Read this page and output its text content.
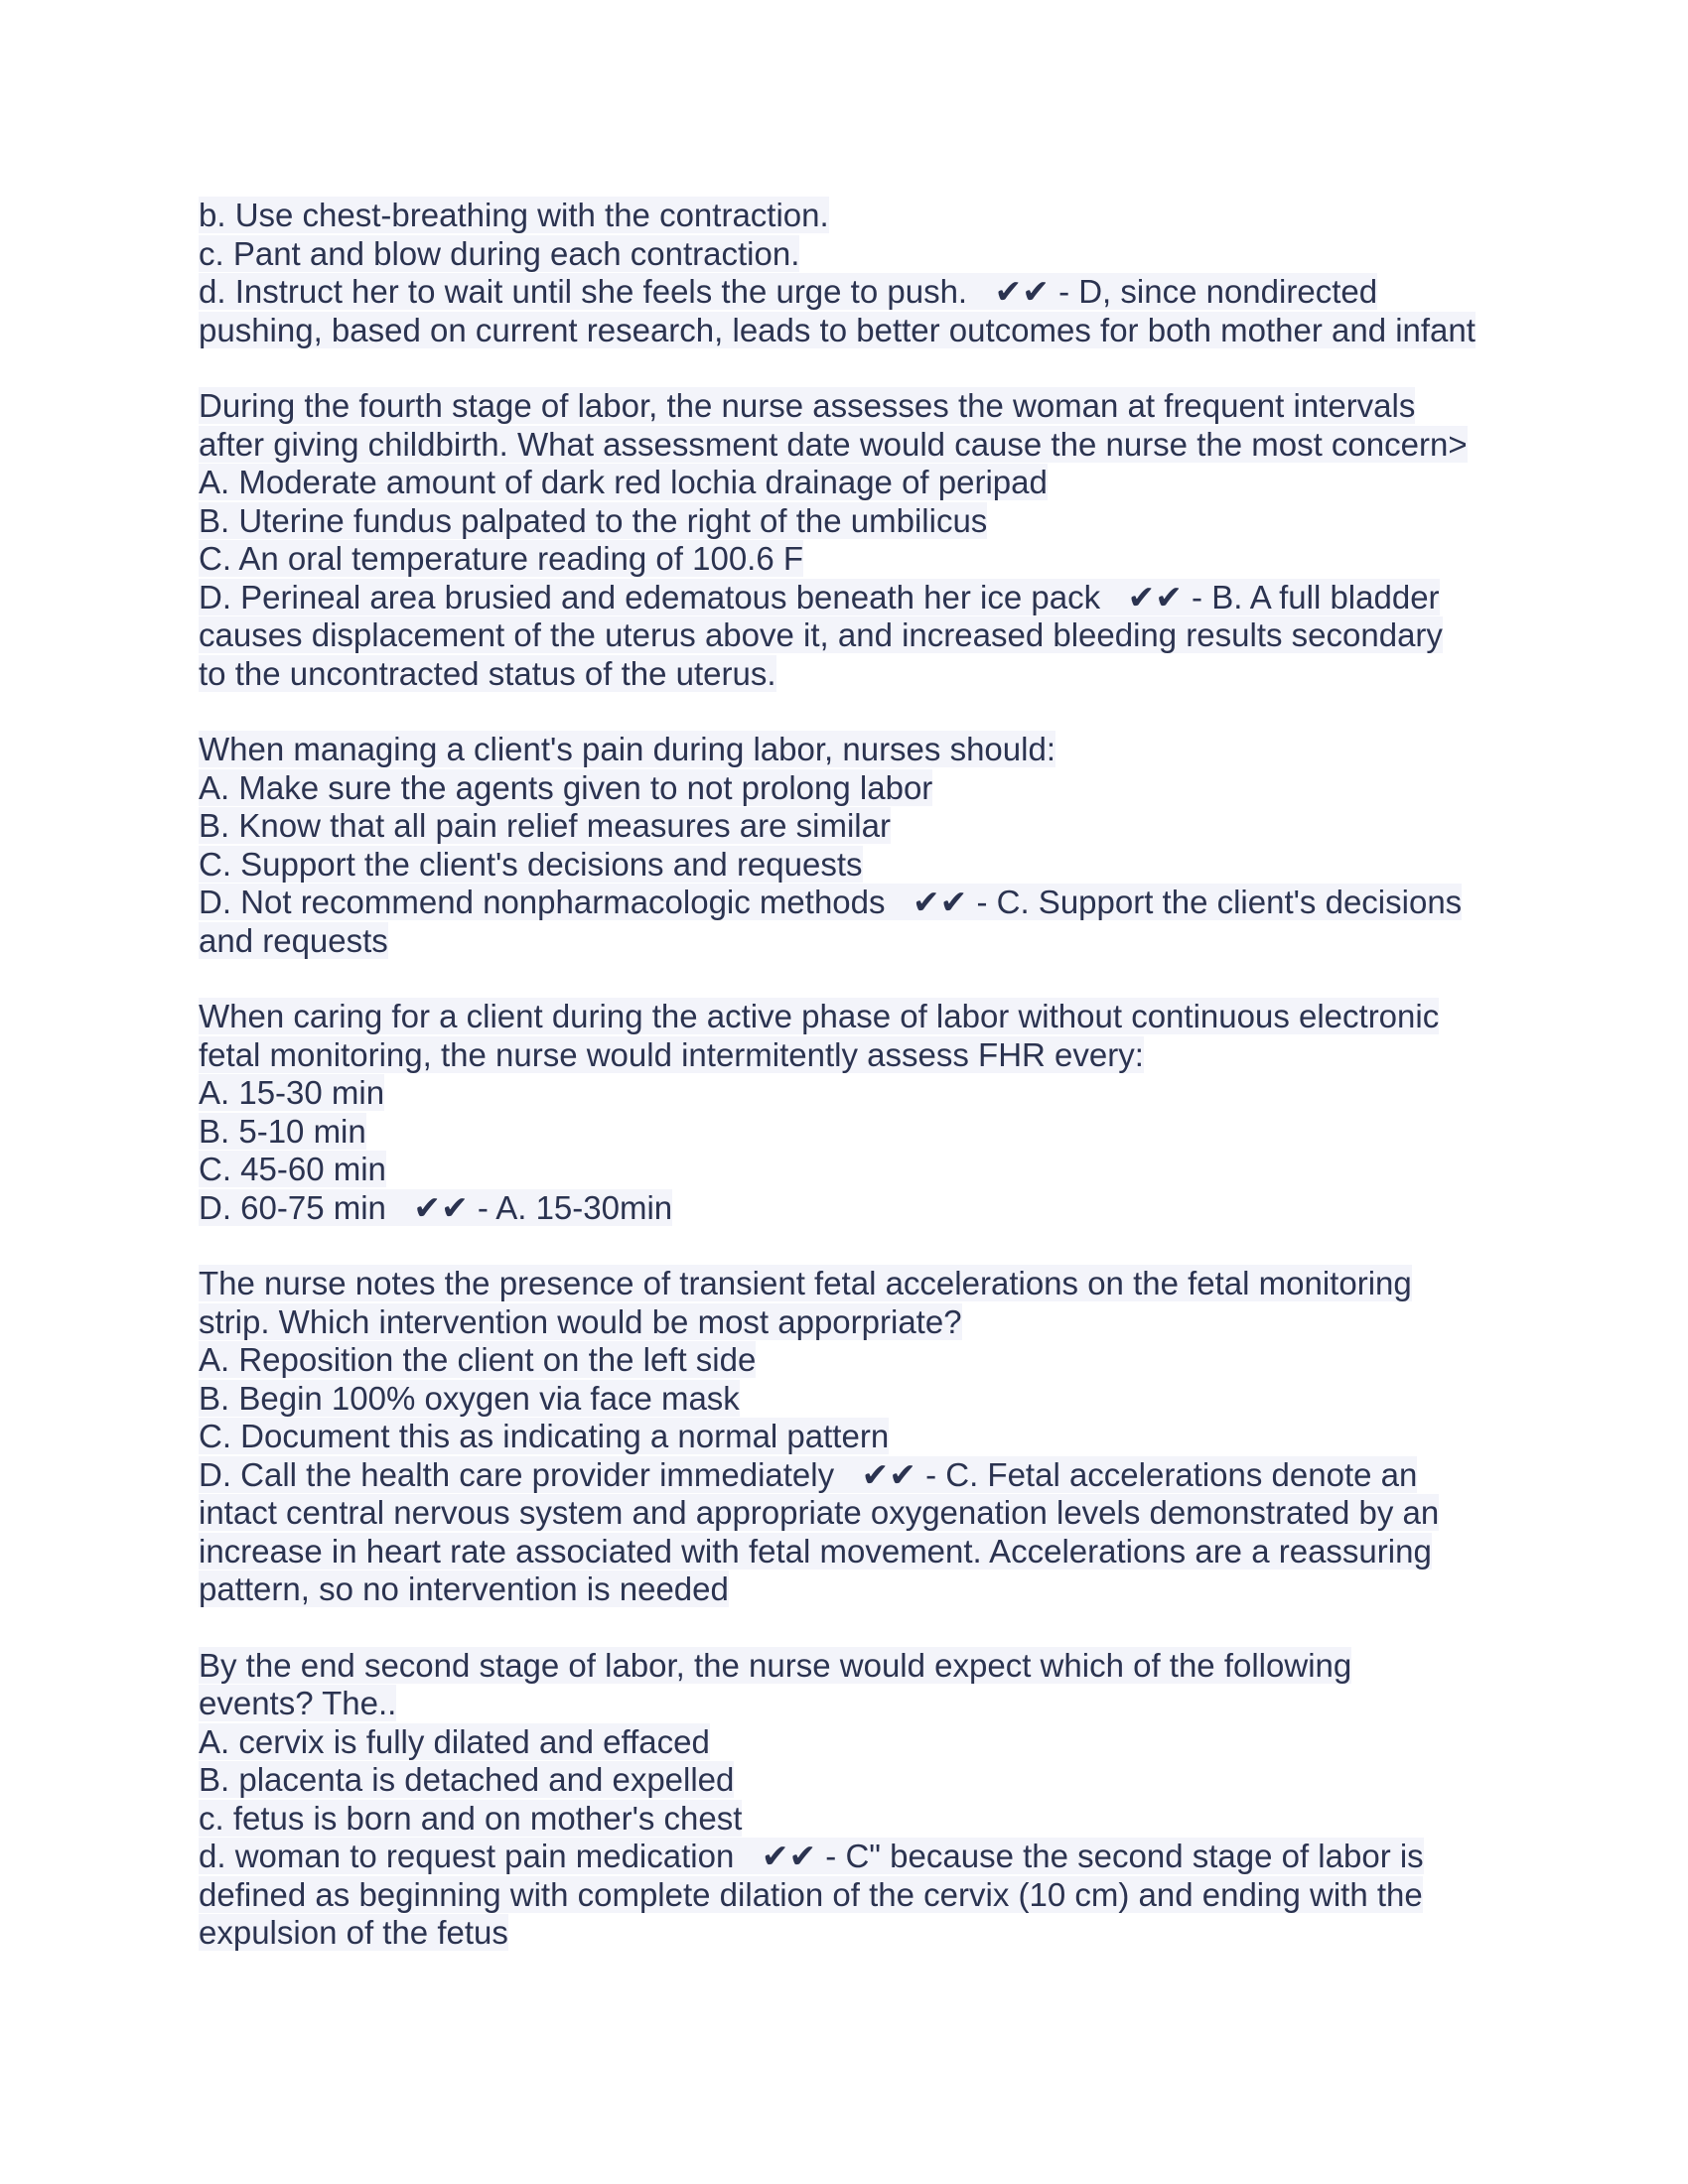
b. Use chest-breathing with the contraction.
c. Pant and blow during each contraction.
d. Instruct her to wait until she feels the urge to push.   ✔✔ - D, since nondirected
pushing, based on current research, leads to better outcomes for both mother and infant
During the fourth stage of labor, the nurse assesses the woman at frequent intervals
after giving childbirth. What assessment date would cause the nurse the most concern>
A. Moderate amount of dark red lochia drainage of peripad
B. Uterine fundus palpated to the right of the umbilicus
C. An oral temperature reading of 100.6 F
D. Perineal area brusied and edematous beneath her ice pack   ✔✔ - B. A full bladder
causes displacement of the uterus above it, and increased bleeding results secondary
to the uncontracted status of the uterus.
When managing a client's pain during labor, nurses should:
A. Make sure the agents given to not prolong labor
B. Know that all pain relief measures are similar
C. Support the client's decisions and requests
D. Not recommend nonpharmacologic methods   ✔✔ - C. Support the client's decisions
and requests
When caring for a client during the active phase of labor without continuous electronic
fetal monitoring, the nurse would intermitently assess FHR every:
A. 15-30 min
B. 5-10 min
C. 45-60 min
D. 60-75 min   ✔✔ - A. 15-30min
The nurse notes the presence of transient fetal accelerations on the fetal monitoring
strip. Which intervention would be most apporpriate?
A. Reposition the client on the left side
B. Begin 100% oxygen via face mask
C. Document this as indicating a normal pattern
D. Call the health care provider immediately   ✔✔ - C. Fetal accelerations denote an
intact central nervous system and appropriate oxygenation levels demonstrated by an
increase in heart rate associated with fetal movement. Accelerations are a reassuring
pattern, so no intervention is needed
By the end second stage of labor, the nurse would expect which of the following
events? The..
A. cervix is fully dilated and effaced
B. placenta is detached and expelled
c. fetus is born and on mother's chest
d. woman to request pain medication   ✔✔ - C" because the second stage of labor is
defined as beginning with complete dilation of the cervix (10 cm) and ending with the
expulsion of the fetus
